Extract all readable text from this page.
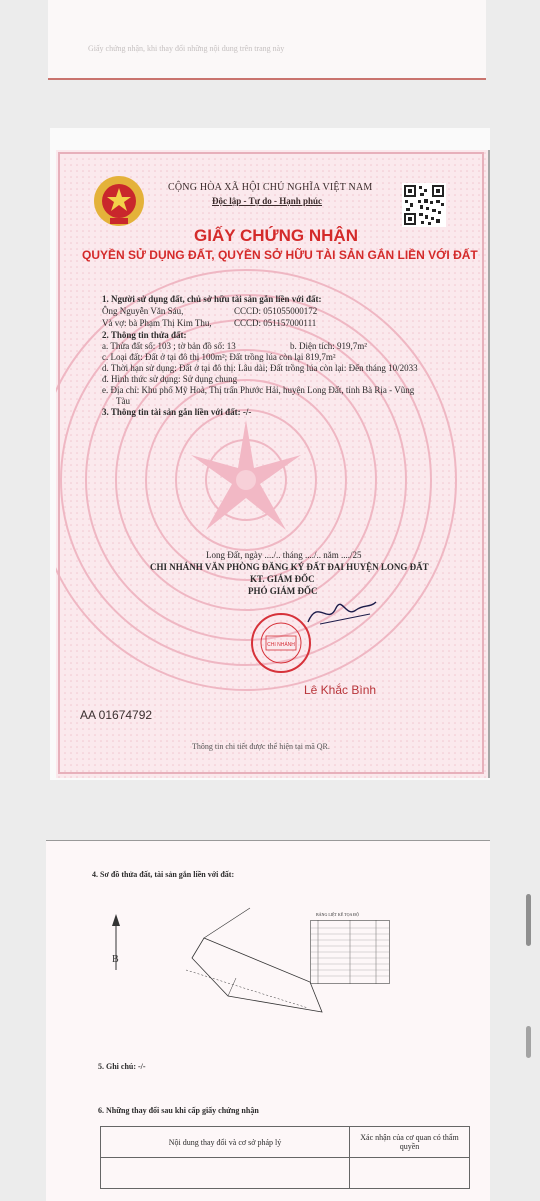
Giấy chứng nhận, khi thay đổi những nội dung trên trang này
CỘNG HÒA XÃ HỘI CHỦ NGHĨA VIỆT NAM
Độc lập - Tự do - Hạnh phúc
GIẤY CHỨNG NHẬN
QUYỀN SỬ DỤNG ĐẤT, QUYỀN SỞ HỮU TÀI SẢN GẮN LIỀN VỚI ĐẤT
1. Người sử dụng đất, chủ sở hữu tài sản gắn liền với đất:
Ông Nguyễn Văn Sáu,	CCCD: 051055000172
Và vợ: bà Phạm Thị Kim Thu, CCCD: 051157000111
2. Thông tin thửa đất:
a. Thửa đất số: 103 ; tờ bản đồ số: 13	b. Diện tích: 919,7m²
c. Loại đất: Đất ở tại đô thị 100m²; Đất trồng lúa còn lại 819,7m²
d. Thời hạn sử dụng: Đất ở tại đô thị: Lâu dài; Đất trồng lúa còn lại: Đến tháng 10/2033
đ. Hình thức sử dụng: Sử dụng chung
e. Địa chỉ: Khu phố Mỹ Hoà, Thị trấn Phước Hải, huyện Long Đất, tỉnh Bà Rịa - Vũng
Tàu
3. Thông tin tài sản gắn liền với đất: -/-
Long Đất, ngày ..../.. tháng ..../.. năm ..../25
CHI NHÁNH VĂN PHÒNG ĐĂNG KÝ ĐẤT ĐAI HUYỆN LONG ĐẤT
KT. GIÁM ĐỐC
PHÓ GIÁM ĐỐC
CHI NHÁNH
Lê Khắc Bình
AA 01674792
Thông tin chi tiết được thể hiện tại mã QR.
4. Sơ đồ thửa đất, tài sản gắn liền với đất:
B
BẢNG LIỆT KÊ TỌA ĐỘ
5. Ghi chú: -/-
6. Những thay đổi sau khi cấp giấy chứng nhận
Nội dung thay đổi và cơ sở pháp lý	Xác nhận của cơ quan có thẩm quyền
